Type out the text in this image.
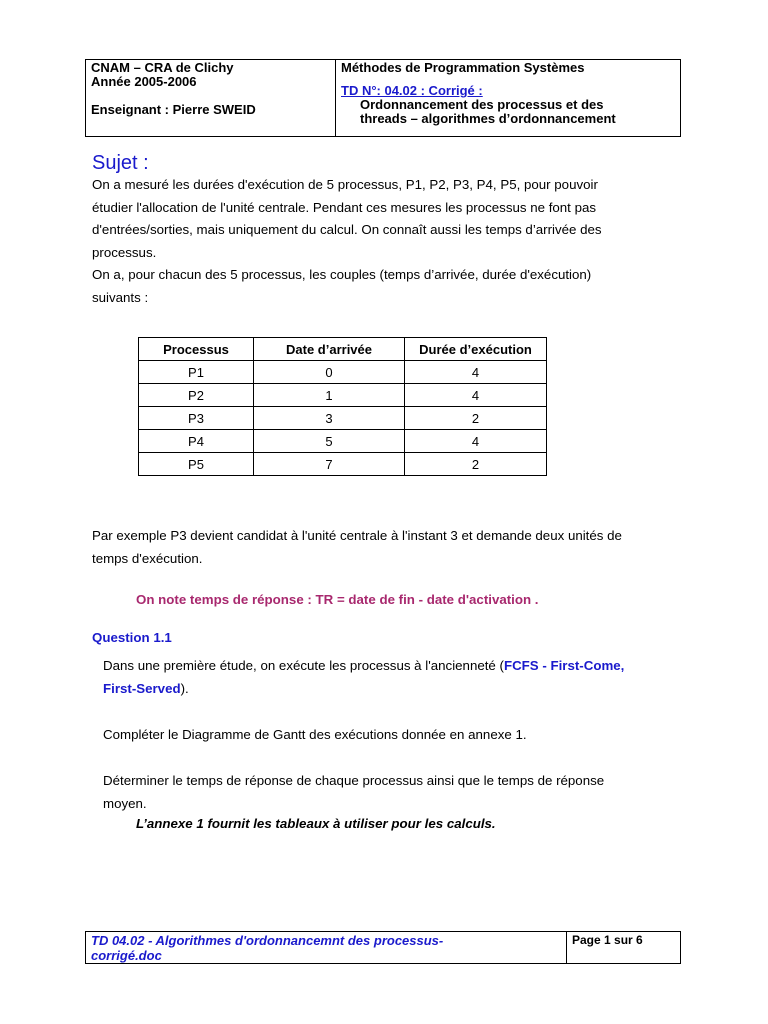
CNAM – CRA de Clichy
Année 2005-2006
Enseignant : Pierre SWEID
Méthodes de Programmation Systèmes
TD N°: 04.02 : Corrigé :
Ordonnancement des processus et des
threads – algorithmes d’ordonnancement
Sujet :
On a mesuré les durées d'exécution de 5 processus, P1, P2, P3, P4, P5, pour pouvoir
étudier l'allocation de l'unité centrale. Pendant ces mesures les processus ne font pas
d'entrées/sorties, mais uniquement du calcul. On connaît aussi les temps d’arrivée des
processus.
On a, pour chacun des 5 processus, les couples (temps d’arrivée, durée d'exécution)
suivants :
Processus	Date d’arrivée	Durée d’exécution
P1	0	4
P2	1	4
P3	3	2
P4	5	4
P5	7	2
Par exemple P3 devient candidat à l'unité centrale à l'instant 3 et demande deux unités de
temps d'exécution.
On note temps de réponse : TR = date de fin - date d'activation .
Question 1.1
Dans une première étude, on exécute les processus à l'ancienneté (FCFS - First-Come,
First-Served).
Compléter le Diagramme de Gantt des exécutions donnée en annexe 1.
Déterminer le temps de réponse de chaque processus ainsi que le temps de réponse
moyen.
L’annexe 1 fournit les tableaux à utiliser pour les calculs.
TD 04.02 - Algorithmes d'ordonnancemnt des processus-
corrigé.doc
Page 1 sur 6
